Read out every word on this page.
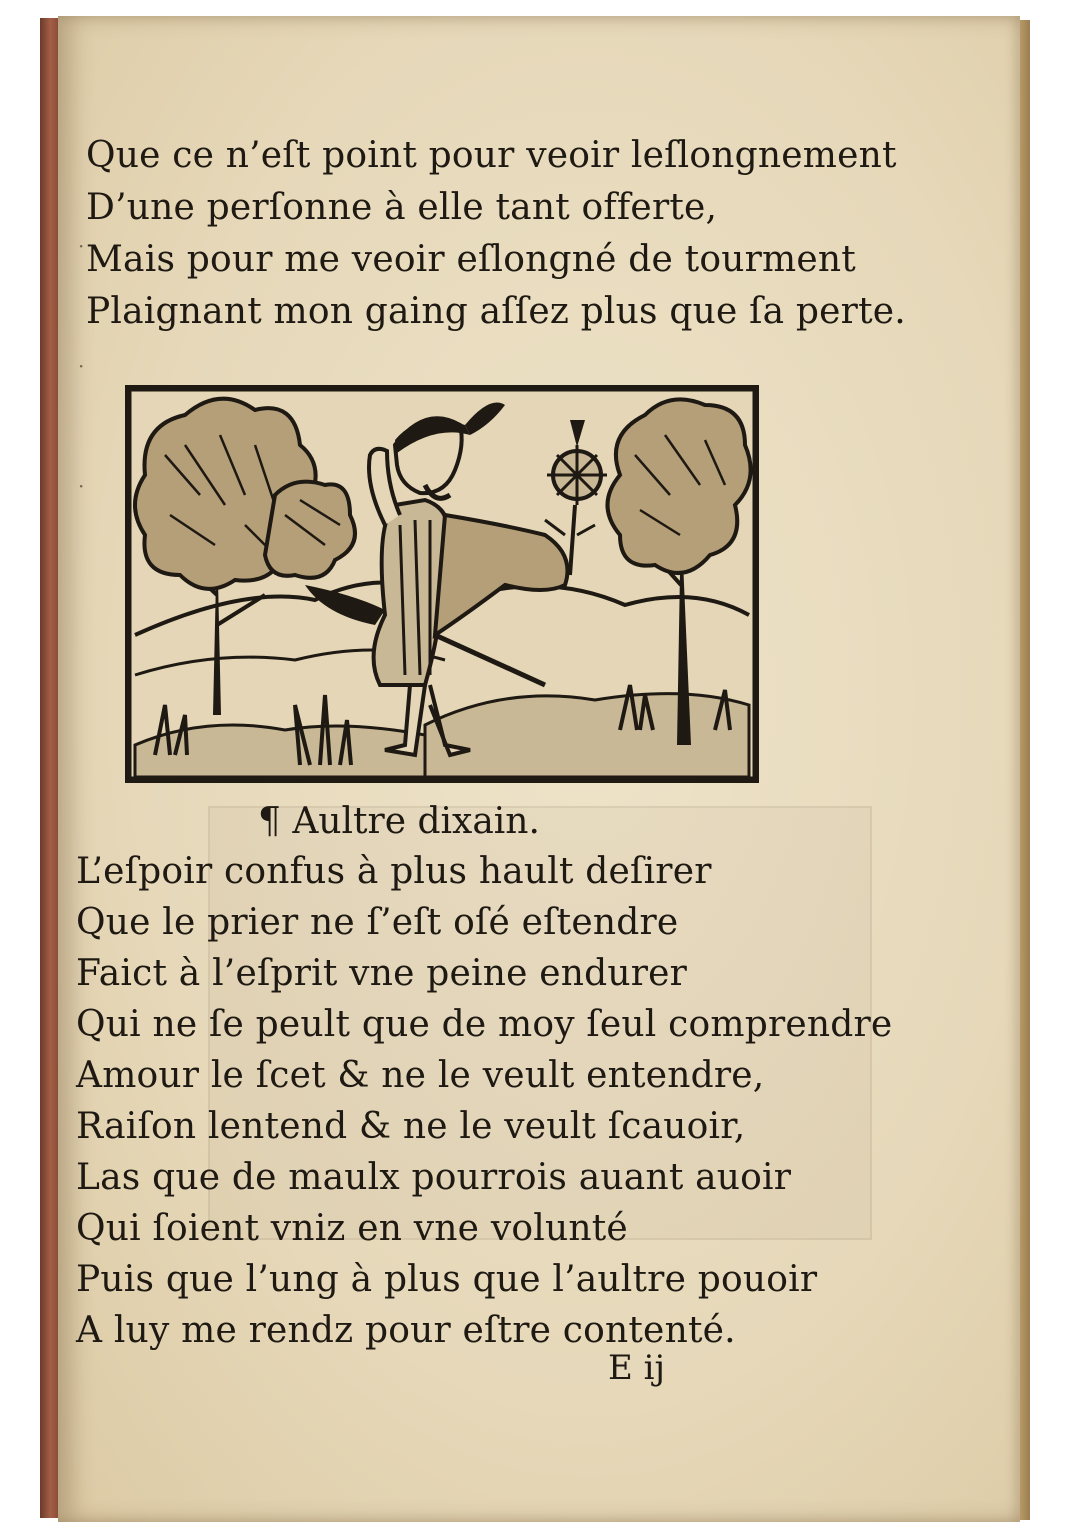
·
·
·
Que ce n’eſt point pour veoir leſlongnement
D’une perſonne à elle tant offerte,
Mais pour me veoir eſlongné de tourment
Plaignant mon gaing aſſez plus que ſa perte.
¶ Aultre dixain.
L’eſpoir confus à plus hault deſirer
Que le prier ne ſ’eſt oſé eſtendre
Faict à l’eſprit vne peine endurer
Qui ne ſe peult que de moy ſeul comprendre
Amour le ſcet & ne le veult entendre,
Raiſon lentend & ne le veult ſcauoir,
Las que de maulx pourrois auant auoir
Qui ſoient vniz en vne volunté
Puis que l’ung à plus que l’aultre pouoir
A luy me rendz pour eſtre contenté.
E ij
